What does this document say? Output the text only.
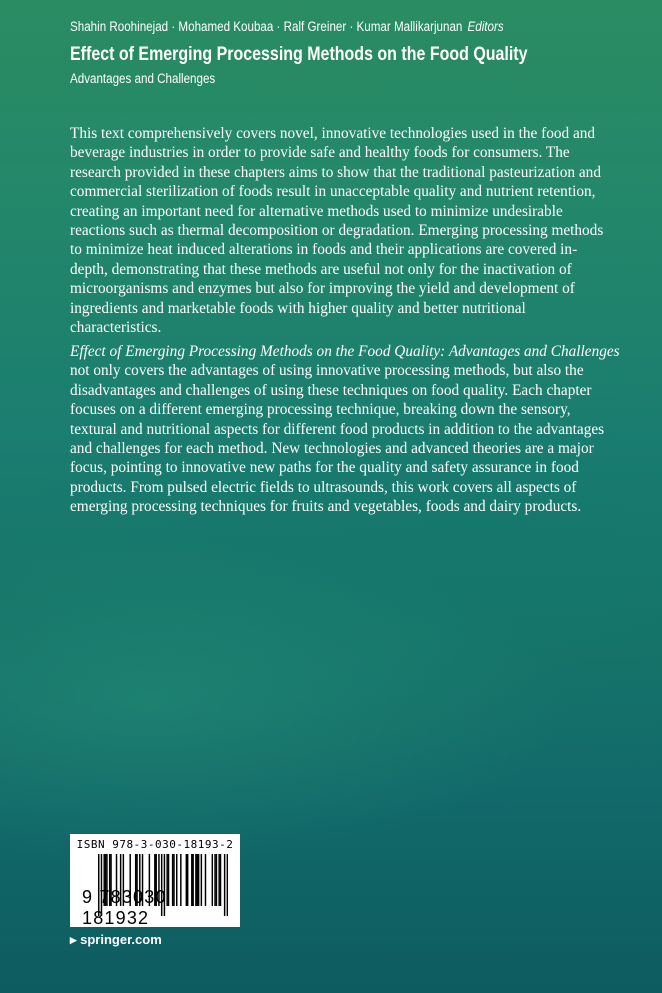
Shahin Roohinejad · Mohamed Koubaa · Ralf Greiner · Kumar Mallikarjunan Editors
Effect of Emerging Processing Methods on the Food Quality
Advantages and Challenges
This text comprehensively covers novel, innovative technologies used in the food and
beverage industries in order to provide safe and healthy foods for consumers. The
research provided in these chapters aims to show that the traditional pasteurization and
commercial sterilization of foods result in unacceptable quality and nutrient retention,
creating an important need for alternative methods used to minimize undesirable
reactions such as thermal decomposition or degradation. Emerging processing methods
to minimize heat induced alterations in foods and their applications are covered in-
depth, demonstrating that these methods are useful not only for the inactivation of
microorganisms and enzymes but also for improving the yield and development of
ingredients and marketable foods with higher quality and better nutritional
characteristics.
Effect of Emerging Processing Methods on the Food Quality: Advantages and Challenges
not only covers the advantages of using innovative processing methods, but also the
disadvantages and challenges of using these techniques on food quality. Each chapter
focuses on a different emerging processing technique, breaking down the sensory,
textural and nutritional aspects for different food products in addition to the advantages
and challenges for each method. New technologies and advanced theories are a major
focus, pointing to innovative new paths for the quality and safety assurance in food
products. From pulsed electric fields to ultrasounds, this work covers all aspects of
emerging processing techniques for fruits and vegetables, foods and dairy products.
ISBN 978-3-030-18193-2
9 783030 181932
▸ springer.com
